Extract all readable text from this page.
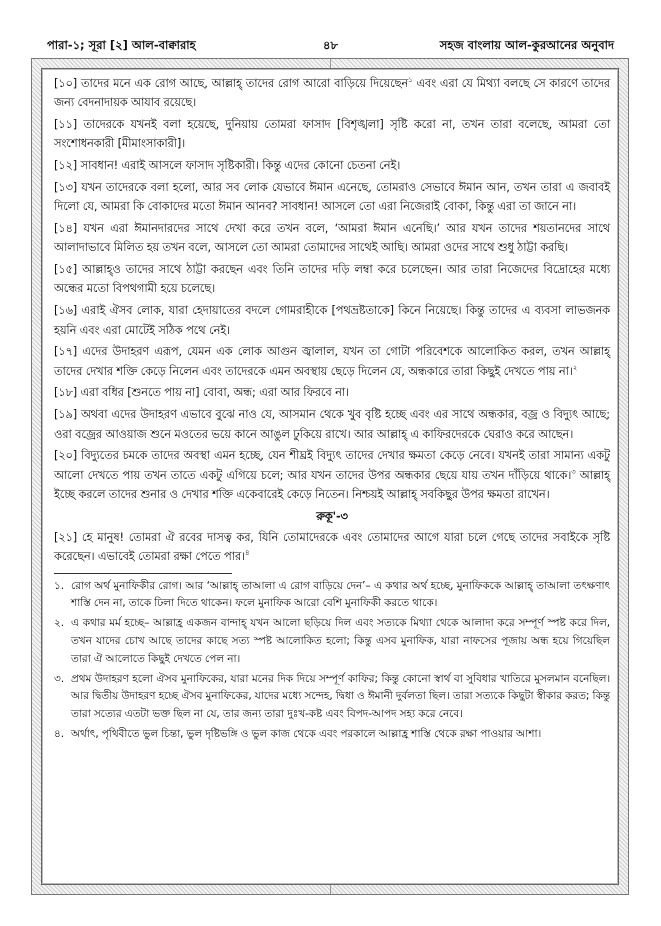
পারা-১; সূরা [২] আল-বাক্বারাহ	৪৮	সহজ বাংলায় আল-কুরআনের অনুবাদ

[১০] তাদের মনে এক রোগ আছে, আল্লাহ্ তাদের রোগ আরো বাড়িয়ে দিয়েছেন$^১$ এবং এরা যে মিথ্যা বলছে সে কারণে তাদের জন্য বেদনাদায়ক আযাব রয়েছে।

[১১] তাদেরকে যখনই বলা হয়েছে, দুনিয়ায় তোমরা ফাসাদ [বিশৃঙ্খলা] সৃষ্টি করো না, তখন তারা বলেছে, আমরা তো সংশোধনকারী [মীমাংসাকারী]।

[১২] সাবধান! এরাই আসলে ফাসাদ সৃষ্টিকারী। কিন্তু এদের কোনো চেতনা নেই।

[১৩] যখন তাদেরকে বলা হলো, আর সব লোক যেভাবে ঈমান এনেছে, তোমরাও সেভাবে ঈমান আন, তখন তারা এ জবাবই দিলো যে, আমরা কি বোকাদের মতো ঈমান আনব? সাবধান! আসলে তো এরা নিজেরাই বোকা, কিন্তু এরা তা জানে না।

[১৪] যখন এরা ঈমানদারদের সাথে দেখা করে তখন বলে, ‘আমরা ঈমান এনেছি।’ আর যখন তাদের শয়তানদের সাথে আলাদাভাবে মিলিত হয় তখন বলে, আসলে তো আমরা তোমাদের সাথেই আছি। আমরা ওদের সাথে শুধু ঠাট্টা করছি।

[১৫] আল্লাহ্ও তাদের সাথে ঠাট্টা করছেন এবং তিনি তাদের দড়ি লম্বা করে চলেছেন। আর তারা নিজেদের বিদ্রোহের মধ্যে অন্ধের মতো বিপথগামী হয়ে চলেছে।

[১৬] এরাই ঐসব লোক, যারা হেদায়াতের বদলে গোমরাহীকে [পথভ্রষ্টতাকে] কিনে নিয়েছে। কিন্তু তাদের এ ব্যবসা লাভজনক হয়নি এবং এরা মোটেই সঠিক পথে নেই।

[১৭] এদের উদাহরণ এরূপ, যেমন এক লোক আগুন জ্বালাল, যখন তা গোটা পরিবেশকে আলোকিত করল, তখন আল্লাহ্ তাদের দেখার শক্তি কেড়ে নিলেন এবং তাদেরকে এমন অবস্থায় ছেড়ে দিলেন যে, অন্ধকারে তারা কিছুই দেখতে পায় না।$^২$

[১৮] এরা বধির [শুনতে পায় না] বোবা, অন্ধ; এরা আর ফিরবে না।

[১৯] অথবা এদের উদাহরণ এভাবে বুঝে নাও যে, আসমান থেকে খুব বৃষ্টি হচ্ছে এবং এর সাথে অন্ধকার, বজ্র ও বিদ্যুৎ আছে; ওরা বজ্রের আওয়াজ শুনে মওতের ভয়ে কানে আঙুল ঢুকিয়ে রাখে। আর আল্লাহ্ এ কাফিরদেরকে ঘেরাও করে আছেন।

[২০] বিদ্যুতের চমকে তাদের অবস্থা এমন হচ্ছে, যেন শীঘ্রই বিদ্যুৎ তাদের দেখার ক্ষমতা কেড়ে নেবে। যখনই তারা সামান্য একটু আলো দেখতে পায় তখন তাতে একটু এগিয়ে চলে; আর যখন তাদের উপর অন্ধকার ছেয়ে যায় তখন দাঁড়িয়ে থাকে।$^৩$ আল্লাহ্ ইচ্ছে করলে তাদের শুনার ও দেখার শক্তি একেবারেই কেড়ে নিতেন। নিশ্চয়ই আল্লাহ্ সবকিছুর উপর ক্ষমতা রাখেন।

রুকূ'-৩

[২১] হে মানুষ! তোমরা ঐ রবের দাসত্ব কর, যিনি তোমাদেরকে এবং তোমাদের আগে যারা চলে গেছে তাদের সবাইকে সৃষ্টি করেছেন। এভাবেই তোমরা রক্ষা পেতে পার।$^৪$

১. রোগ অর্থ মুনাফিকীর রোগ। আর ‘আল্লাহ্ তাআলা এ রোগ বাড়িয়ে দেন’– এ কথার অর্থ হচ্ছে, মুনাফিককে আল্লাহ্ তাআলা তৎক্ষণাৎ শাস্তি দেন না, তাকে ঢিলা দিতে থাকেন। ফলে মুনাফিক আরো বেশি মুনাফিকী করতে থাকে।
২. এ কথার মর্ম হচ্ছে– আল্লাহ্র একজন বান্দাহ্ যখন আলো ছড়িয়ে দিল এবং সত্যকে মিথ্যা থেকে আলাদা করে সম্পূর্ণ স্পষ্ট করে দিল, তখন যাদের চোখ আছে তাদের কাছে সত্য স্পষ্ট আলোকিত হলো; কিন্তু এসব মুনাফিক, যারা নাফসের পূজায় অন্ধ হয়ে গিয়েছিল তারা ঐ আলোতে কিছুই দেখতে পেল না।
৩. প্রথম উদাহরণ হলো ঐসব মুনাফিকের, যারা মনের দিক দিয়ে সম্পূর্ণ কাফির; কিন্তু কোনো স্বার্থ বা সুবিধার খাতিরে মুসলমান বনেছিল। আর দ্বিতীয় উদাহরণ হচ্ছে ঐসব মুনাফিকের, যাদের মধ্যে সন্দেহ, দ্বিধা ও ঈমানী দুর্বলতা ছিল। তারা সত্যকে কিছুটা স্বীকার করত; কিন্তু তারা সত্যের এতটা ভক্ত ছিল না যে, তার জন্য তারা দুঃখ-কষ্ট এবং বিপদ-আপদ সহ্য করে নেবে।
৪. অর্থাৎ, পৃথিবীতে ভুল চিন্তা, ভুল দৃষ্টিভঙ্গি ও ভুল কাজ থেকে এবং পরকালে আল্লাহ্র শাস্তি থেকে রক্ষা পাওয়ার আশা।
